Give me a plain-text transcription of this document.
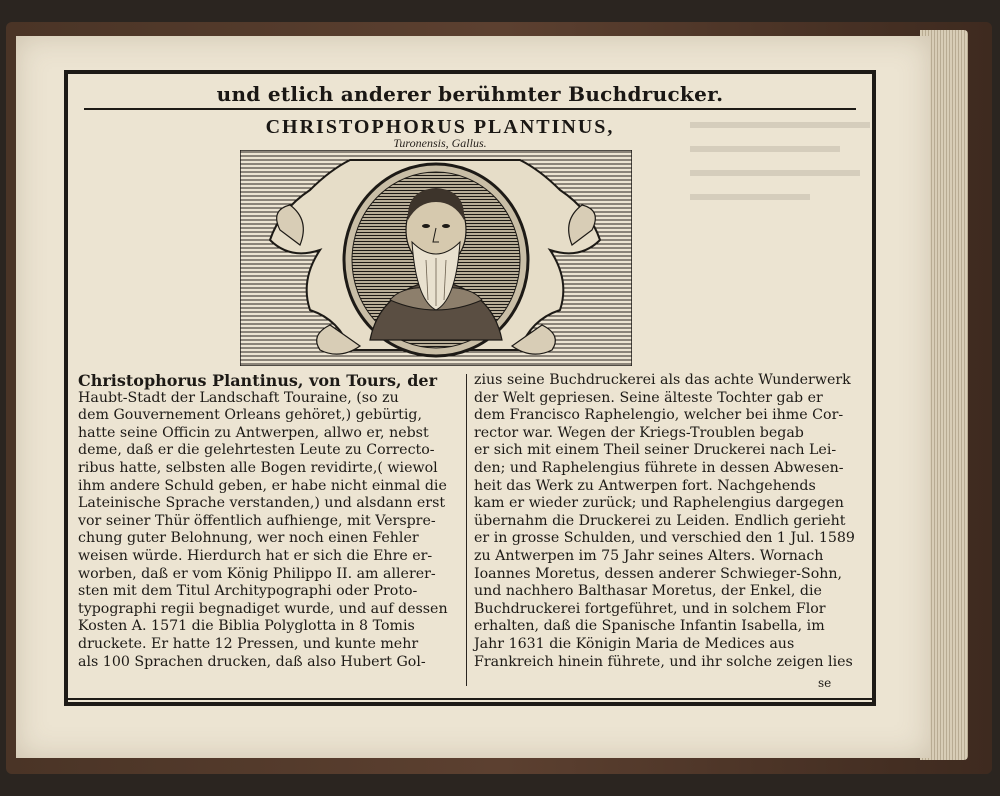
und etlich anderer berühmter Buchdrucker.
CHRISTOPHORUS PLANTINUS,
Turonensis, Gallus.
Christophorus Plantinus, von Tours, der
Haubt-Stadt der Landschaft Touraine, (so zu
dem Gouvernement Orleans gehöret,) gebürtig,
hatte seine Officin zu Antwerpen, allwo er, nebst
deme, daß er die gelehrtesten Leute zu Correcto-
ribus hatte, selbsten alle Bogen revidirte,( wiewol
ihm andere Schuld geben, er habe nicht einmal die
Lateinische Sprache verstanden,) und alsdann erst
vor seiner Thür öffentlich aufhienge, mit Versprе-
chung guter Belohnung, wer noch einen Fehler
weisen würde. Hierdurch hat er sich die Ehre er-
worben, daß er vom König Philippo II. am allerer-
sten mit dem Titul Architypographi oder Proto-
typographi regii begnadiget wurde, und auf dessen
Kosten A. 1571 die Biblia Polyglotta in 8 Tomis
druckete. Er hatte 12 Pressen, und kunte mehr
als 100 Sprachen drucken, daß also Hubert Gol-
zius seine Buchdruckerei als das achte Wunderwerk
der Welt gepriesen. Seine älteste Tochter gab er
dem Francisco Raphelengio, welcher bei ihme Cor-
rector war. Wegen der Kriegs-Troublen begab
er sich mit einem Theil seiner Druckerei nach Lei-
den; und Raphelengius führete in dessen Abwesen-
heit das Werk zu Antwerpen fort. Nachgehends
kam er wieder zurück; und Raphelengius dargegen
übernahm die Druckerei zu Leiden. Endlich gerieht
er in grosse Schulden, und verschied den 1 Jul. 1589
zu Antwerpen im 75 Jahr seines Alters. Wornach
Ioannes Moretus, dessen anderer Schwieger-Sohn,
und nachhero Balthasar Moretus, der Enkel, die
Buchdruckerei fortgeführet, und in solchem Flor
erhalten, daß die Spanische Infantin Isabella, im
Jahr 1631 die Königin Maria de Medices aus
Frankreich hinein führete, und ihr solche zeigen lies
se
